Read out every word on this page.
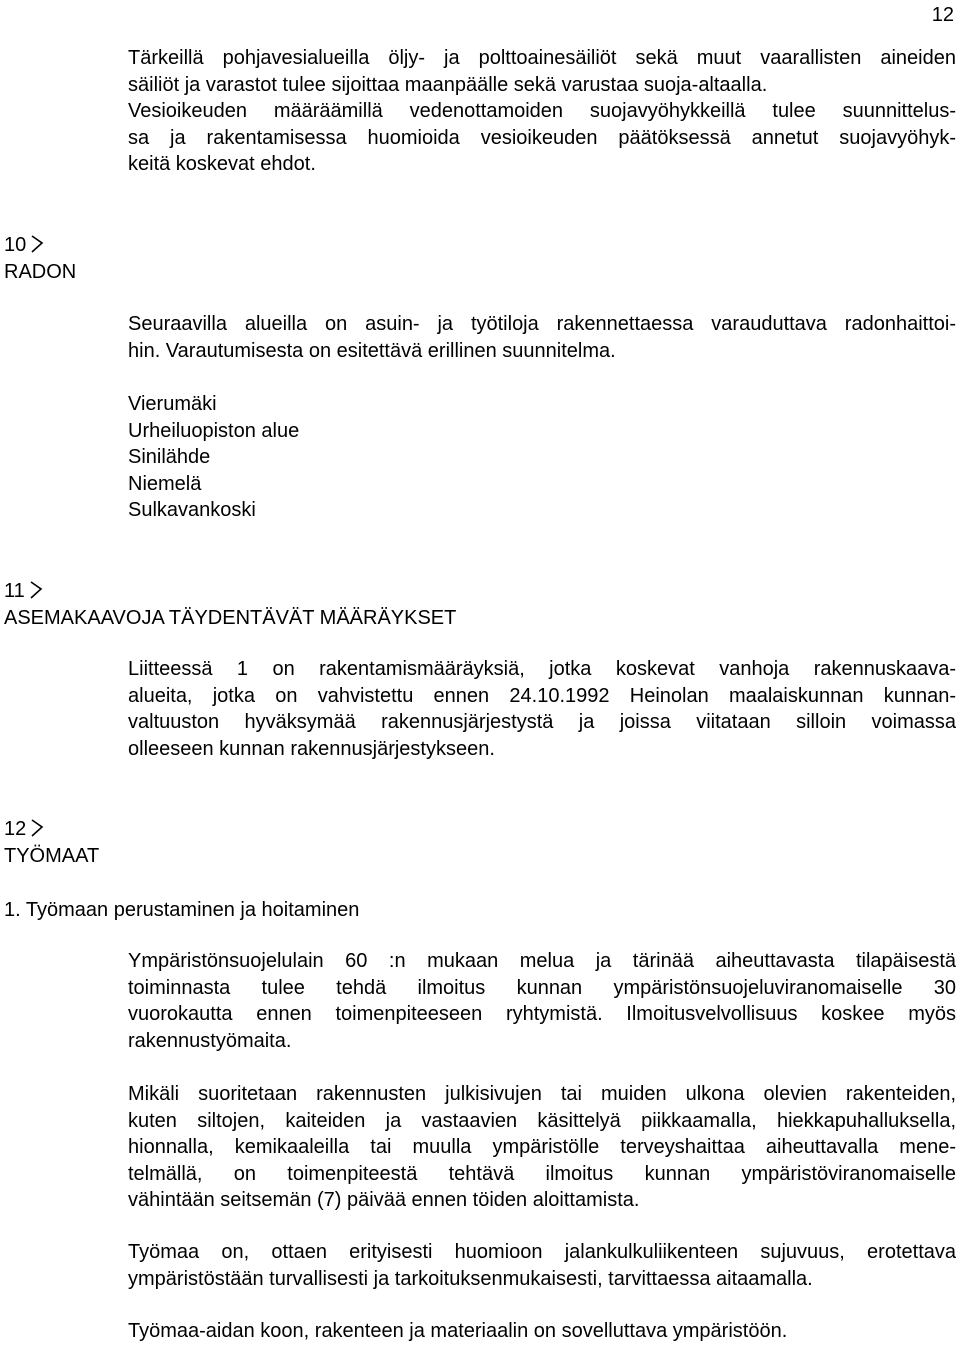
12
Tärkeillä pohjavesialueilla öljy- ja polttoainesäiliöt sekä muut vaarallisten aineiden
säiliöt ja varastot tulee sijoittaa maanpäälle sekä varustaa suoja-altaalla.
Vesioikeuden määräämillä vedenottamoiden suojavyöhykkeillä tulee suunnittelus-
sa ja rakentamisessa huomioida vesioikeuden päätöksessä annetut suojavyöhyk-
keitä koskevat ehdot.
10
RADON
Seuraavilla alueilla on asuin- ja työtiloja rakennettaessa varauduttava radonhaittoi-
hin. Varautumisesta on esitettävä erillinen suunnitelma.
Vierumäki
Urheiluopiston alue
Sinilähde
Niemelä
Sulkavankoski
11
ASEMAKAAVOJA TÄYDENTÄVÄT MÄÄRÄYKSET
Liitteessä 1 on rakentamismääräyksiä, jotka koskevat vanhoja rakennuskaava-
alueita, jotka on vahvistettu ennen 24.10.1992 Heinolan maalaiskunnan kunnan-
valtuuston hyväksymää rakennusjärjestystä ja joissa viitataan silloin voimassa
olleeseen kunnan rakennusjärjestykseen.
12
TYÖMAAT
1. Työmaan perustaminen ja hoitaminen
Ympäristönsuojelulain 60 :n mukaan melua ja tärinää aiheuttavasta tilapäisestä
toiminnasta tulee tehdä ilmoitus kunnan ympäristönsuojeluviranomaiselle 30
vuorokautta ennen toimenpiteeseen ryhtymistä. Ilmoitusvelvollisuus koskee myös
rakennustyömaita.
Mikäli suoritetaan rakennusten julkisivujen tai muiden ulkona olevien rakenteiden,
kuten siltojen, kaiteiden ja vastaavien käsittelyä piikkaamalla, hiekkapuhalluksella,
hionnalla, kemikaaleilla tai muulla ympäristölle terveyshaittaa aiheuttavalla mene-
telmällä, on toimenpiteestä tehtävä ilmoitus kunnan ympäristöviranomaiselle
vähintään seitsemän (7) päivää ennen töiden aloittamista.
Työmaa on, ottaen erityisesti huomioon jalankulkuliikenteen sujuvuus, erotettava
ympäristöstään turvallisesti ja tarkoituksenmukaisesti, tarvittaessa aitaamalla.
Työmaa-aidan koon, rakenteen ja materiaalin on sovelluttava ympäristöön.
